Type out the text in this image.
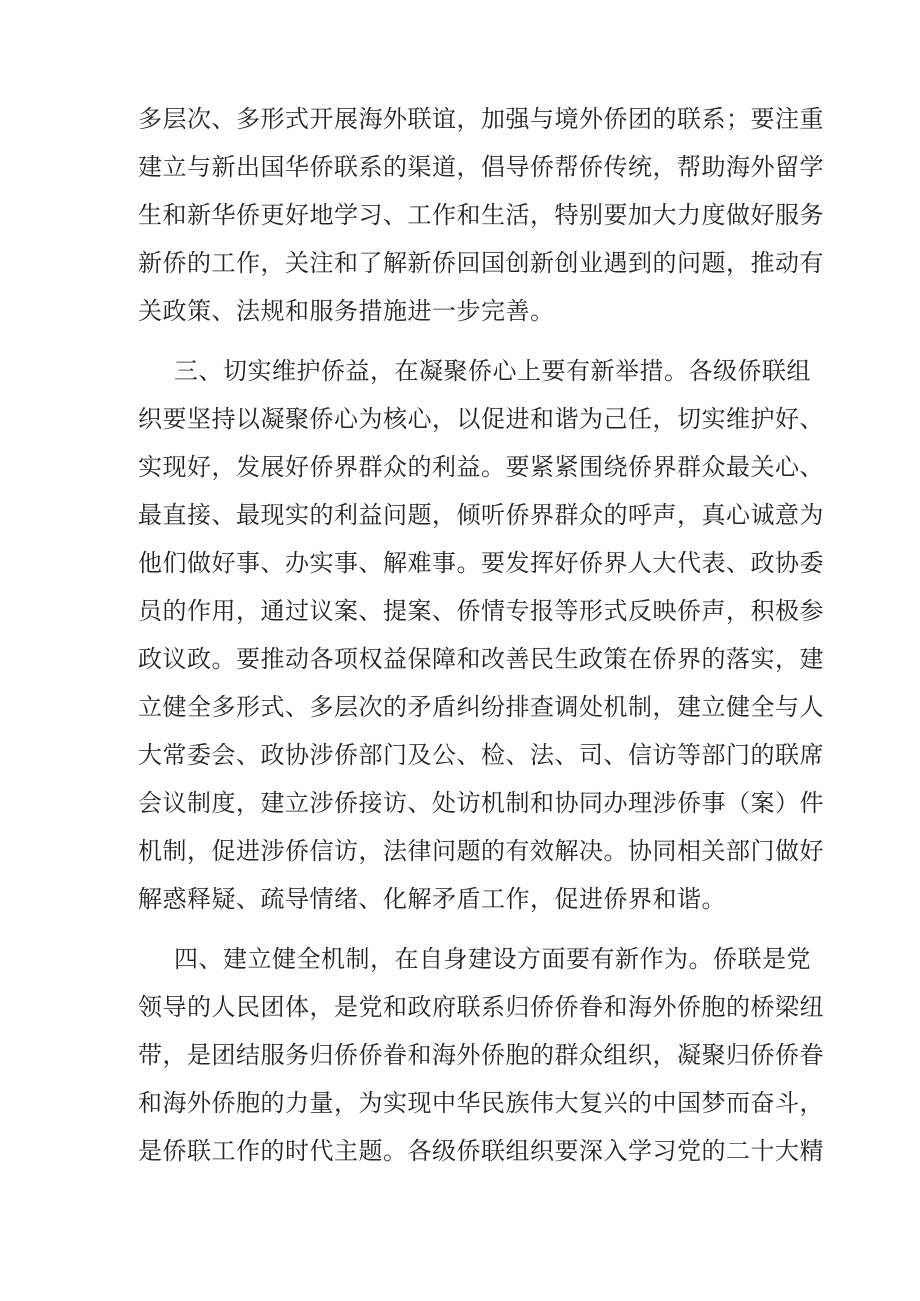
多层次、多形式开展海外联谊，加强与境外侨团的联系；要注重
建立与新出国华侨联系的渠道，倡导侨帮侨传统，帮助海外留学
生和新华侨更好地学习、工作和生活，特别要加大力度做好服务
新侨的工作，关注和了解新侨回国创新创业遇到的问题，推动有
关政策、法规和服务措施进一步完善。
三、切实维护侨益，在凝聚侨心上要有新举措。各级侨联组
织要坚持以凝聚侨心为核心，以促进和谐为己任，切实维护好、
实现好，发展好侨界群众的利益。要紧紧围绕侨界群众最关心、
最直接、最现实的利益问题，倾听侨界群众的呼声，真心诚意为
他们做好事、办实事、解难事。要发挥好侨界人大代表、政协委
员的作用，通过议案、提案、侨情专报等形式反映侨声，积极参
政议政。要推动各项权益保障和改善民生政策在侨界的落实，建
立健全多形式、多层次的矛盾纠纷排查调处机制，建立健全与人
大常委会、政协涉侨部门及公、检、法、司、信访等部门的联席
会议制度，建立涉侨接访、处访机制和协同办理涉侨事（案）件
机制，促进涉侨信访，法律问题的有效解决。协同相关部门做好
解惑释疑、疏导情绪、化解矛盾工作，促进侨界和谐。
四、建立健全机制，在自身建设方面要有新作为。侨联是党
领导的人民团体，是党和政府联系归侨侨眷和海外侨胞的桥梁纽
带，是团结服务归侨侨眷和海外侨胞的群众组织，凝聚归侨侨眷
和海外侨胞的力量，为实现中华民族伟大复兴的中国梦而奋斗，
是侨联工作的时代主题。各级侨联组织要深入学习党的二十大精
